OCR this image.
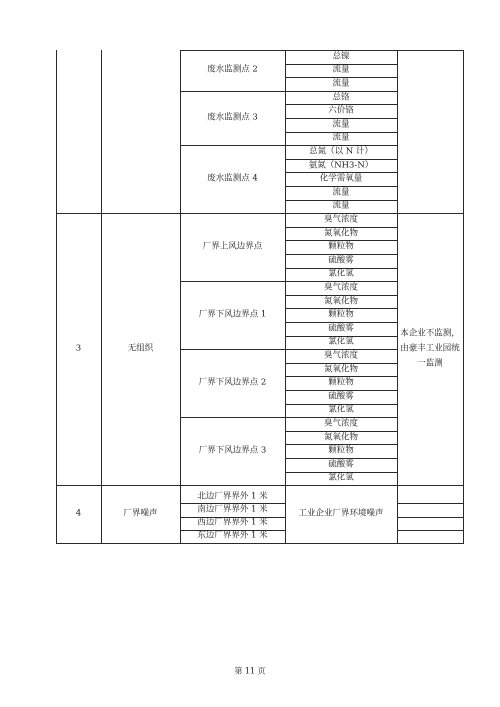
总镍
流量
流量
废水监测点 2
总铬
六价铬
流量
流量
废水监测点 3
总氮（以 N 计）
氨氮（NH3-N）
化学需氧量
流量
流量
废水监测点 4
臭气浓度
氮氧化物
颗粒物
硫酸雾
氯化氢
厂界上风边界点
臭气浓度
氮氧化物
颗粒物
硫酸雾
氯化氢
厂界下风边界点 1
臭气浓度
氮氧化物
颗粒物
硫酸雾
氯化氢
厂界下风边界点 2
臭气浓度
氮氧化物
颗粒物
硫酸雾
氯化氢
厂界下风边界点 3
3	无组织
本企业不监测，由豪丰工业园统一监测
北边厂界界外 1 米
南边厂界界外 1 米
西边厂界界外 1 米
东边厂界界外 1 米
工业企业厂界环境噪声
4	厂界噪声
第 11 页
